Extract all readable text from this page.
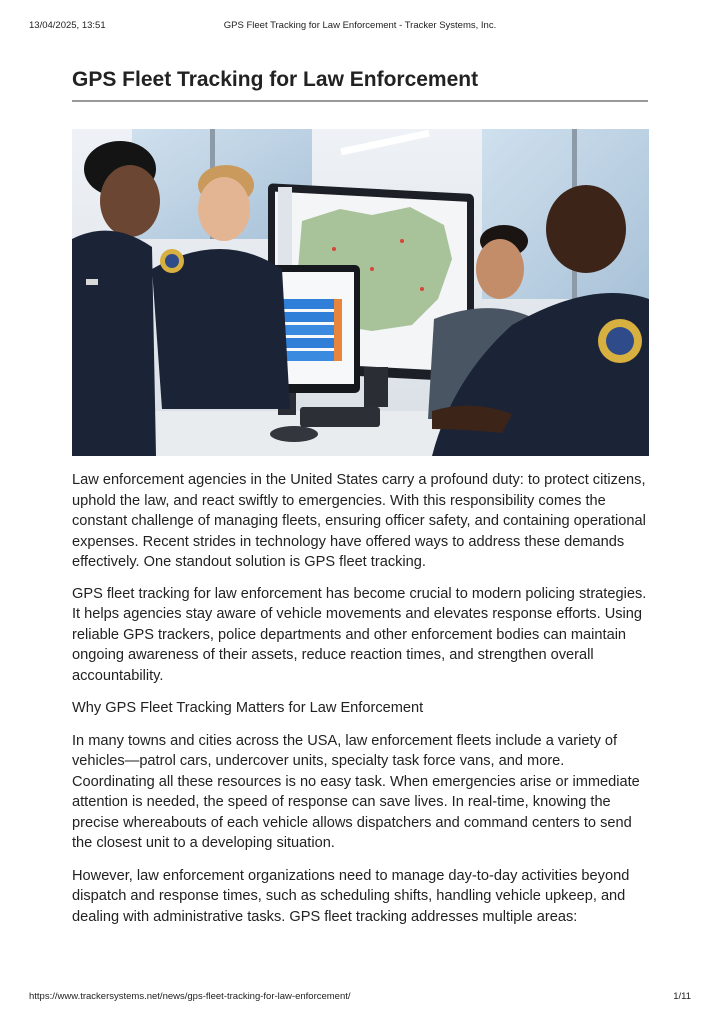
13/04/2025, 13:51	GPS Fleet Tracking for Law Enforcement - Tracker Systems, Inc.
GPS Fleet Tracking for Law Enforcement

Law enforcement agencies in the United States carry a profound duty: to protect citizens, uphold the law, and react swiftly to emergencies. With this responsibility comes the constant challenge of managing fleets, ensuring officer safety, and containing operational expenses. Recent strides in technology have offered ways to address these demands effectively. One standout solution is GPS fleet tracking.

GPS fleet tracking for law enforcement has become crucial to modern policing strategies. It helps agencies stay aware of vehicle movements and elevates response efforts. Using reliable GPS trackers, police departments and other enforcement bodies can maintain ongoing awareness of their assets, reduce reaction times, and strengthen overall accountability.

Why GPS Fleet Tracking Matters for Law Enforcement

In many towns and cities across the USA, law enforcement fleets include a variety of vehicles—patrol cars, undercover units, specialty task force vans, and more. Coordinating all these resources is no easy task. When emergencies arise or immediate attention is needed, the speed of response can save lives. In real-time, knowing the precise whereabouts of each vehicle allows dispatchers and command centers to send the closest unit to a developing situation.

However, law enforcement organizations need to manage day-to-day activities beyond dispatch and response times, such as scheduling shifts, handling vehicle upkeep, and dealing with administrative tasks. GPS fleet tracking addresses multiple areas:

https://www.trackersystems.net/news/gps-fleet-tracking-for-law-enforcement/	1/11
